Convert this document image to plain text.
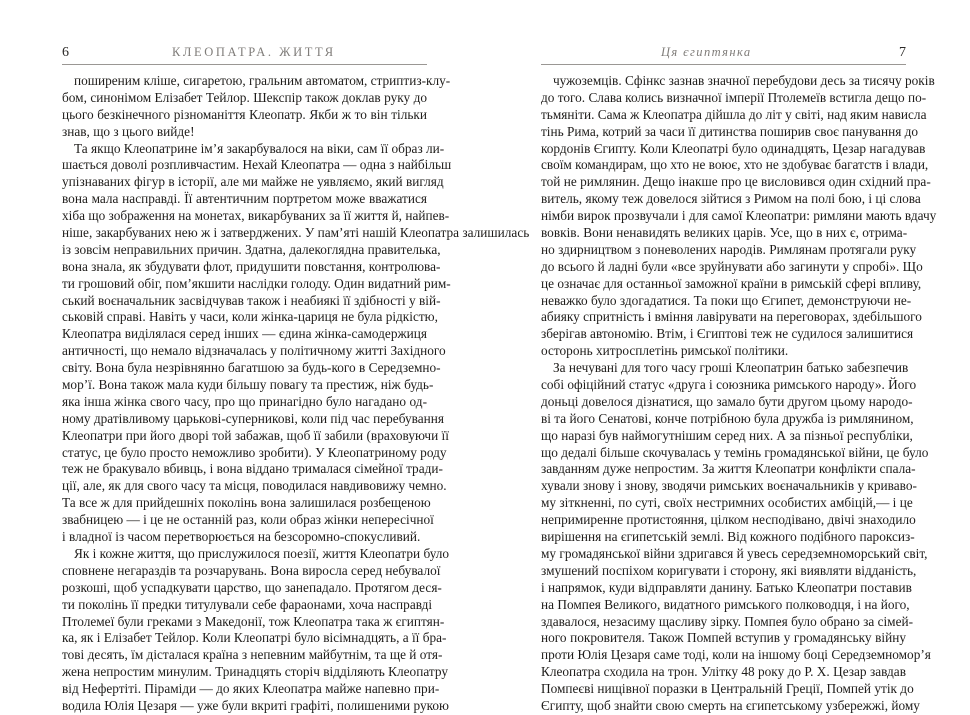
6	КЛЕОПАТРА. ЖИТТЯ

поширеним кліше, сигаретою, гральним автоматом, стриптиз-клу-
бом, синонімом Елізабет Тейлор. Шекспір також доклав руку до
цього безкінечного різноманіття Клеопатр. Якби ж то він тільки
знав, що з цього вийде!

Та якщо Клеопатрине ім’я закарбувалося на віки, сам її образ ли-
шається доволі розпливчастим. Нехай Клеопатра — одна з найбільш
упізнаваних фігур в історії, але ми майже не уявляємо, який вигляд
вона мала насправді. Її автентичним портретом може вважатися
хіба що зображення на монетах, викарбуваних за її життя й, найпев-
ніше, закарбуваних нею ж і затверджених. У пам’яті нашій Клеопатра залишилась
із зовсім неправильних причин. Здатна, далекоглядна правителька,
вона знала, як збудувати флот, придушити повстання, контролюва-
ти грошовий обіг, пом’якшити наслідки голоду. Один видатний рим-
ський воєначальник засвідчував також і неабиякі її здібності у вій-
ськовій справі. Навіть у часи, коли жінка-цариця не була рідкістю,
Клеопатра виділялася серед інших — єдина жінка-самодержиця
античності, що немало відзначалась у політичному житті Західного
світу. Вона була незрівнянно багатшою за будь-кого в Середземно-
мор’ї. Вона також мала куди більшу повагу та престиж, ніж будь-
яка інша жінка свого часу, про що принагідно було нагадано од-
ному дратівливому царькові-суперникові, коли під час перебування
Клеопатри при його дворі той забажав, щоб її забили (враховуючи її
статус, це було просто неможливо зробити). У Клеопатриному роду
теж не бракувало вбивць, і вона віддано трималася сімейної тради-
ції, але, як для свого часу та місця, поводилася навдивовижу чемно.
Та все ж для прийдешніх поколінь вона залишилася розбещеною
звабницею — і це не останній раз, коли образ жінки непересічної
і владної із часом перетворюється на безсоромно-спокусливий.

Як і кожне життя, що прислужилося поезії, життя Клеопатри було
сповнене негараздів та розчарувань. Вона виросла серед небувалої
розкоші, щоб успадкувати царство, що занепадало. Протягом деся-
ти поколінь її предки титулували себе фараонами, хоча насправді
Птолемеї були греками з Македонії, тож Клеопатра така ж єгиптян-
ка, як і Елізабет Тейлор. Коли Клеопатрі було вісімнадцять, а її бра-
тові десять, їм дісталася країна з непевним майбутнім, та ще й отя-
жена непростим минулим. Тринадцять сторіч відділяють Клеопатру
від Нефертіті. Піраміди — до яких Клеопатра майже напевно при-
водила Юлія Цезаря — уже були вкриті графіті, полишеними рукою

Ця єгиптянка	7

чужоземців. Сфінкс зазнав значної перебудови десь за тисячу років
до того. Слава колись визначної імперії Птолемеїв встигла дещо по-
тьмяніти. Сама ж Клеопатра дійшла до літ у світі, над яким нависла
тінь Рима, котрий за часи її дитинства поширив своє панування до
кордонів Єгипту. Коли Клеопатрі було одинадцять, Цезар нагадував
своїм командирам, що хто не воює, хто не здобуває багатств і влади,
той не римлянин. Дещо інакше про це висловився один східний пра-
витель, якому теж довелося зійтися з Римом на полі бою, і ці слова
німби вирок прозвучали і для самої Клеопатри: римляни мають вдачу
вовків. Вони ненавидять великих царів. Усе, що в них є, отрима-
но здирництвом з поневолених народів. Римлянам протягали руку
до всього й ладні були «все зруйнувати або загинути у спробі». Що
це означає для останньої заможної країни в римській сфері впливу,
неважко було здогадатися. Та поки що Єгипет, демонструючи не-
абияку спритність і вміння лавірувати на переговорах, здебільшого
зберігав автономію. Втім, і Єгиптові теж не судилося залишитися
осторонь хитросплетінь римської політики.

За нечувані для того часу гроші Клеопатрин батько забезпечив
собі офіційний статус «друга і союзника римського народу». Його
доньці довелося дізнатися, що замало бути другом цьому народо-
ві та його Сенатові, конче потрібною була дружба із римлянином,
що наразі був наймогутнішим серед них. А за пізньої республіки,
що дедалі більше скочувалась у темінь громадянської війни, це було
завданням дуже непростим. За життя Клеопатри конфлікти спала-
хували знову і знову, зводячи римських воєначальників у криваво-
му зіткненні, по суті, своїх нестримних особистих амбіцій,— і це
непримиренне протистояння, цілком несподівано, двічі знаходило
вирішення на єгипетській землі. Від кожного подібного пароксиз-
му громадянської війни здригався й увесь середземноморський світ,
змушений поспіхом коригувати і сторону, які виявляти відданість,
і напрямок, куди відправляти данину. Батько Клеопатри поставив
на Помпея Великого, видатного римського полководця, і на його,
здавалося, незасиму щасливу зірку. Помпея було обрано за сімей-
ного покровителя. Також Помпей вступив у громадянську війну
проти Юлія Цезаря саме тоді, коли на іншому боці Середземномор’я
Клеопатра сходила на трон. Улітку 48 року до Р. Х. Цезар завдав
Помпеєві нищівної поразки в Центральній Греції, Помпей утік до
Єгипту, щоб знайти свою смерть на єгипетському узбережжі, йому
